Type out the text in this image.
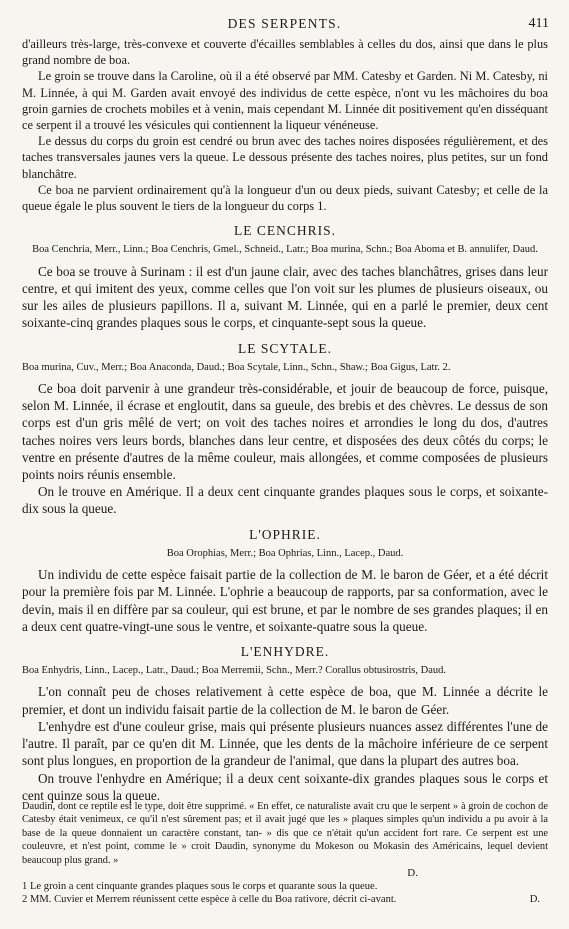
DES SERPENTS.	411

d'ailleurs très-large, très-convexe et couverte d'écailles semblables à celles du dos, ainsi que dans le plus grand nombre de boa.

Le groin se trouve dans la Caroline, où il a été observé par MM. Catesby et Garden. Ni M. Catesby, ni M. Linnée, à qui M. Garden avait envoyé des individus de cette espèce, n'ont vu les mâchoires du boa groin garnies de crochets mobiles et à venin, mais cependant M. Linnée dit positivement qu'en disséquant ce serpent il a trouvé les vésicules qui contiennent la liqueur vénéneuse.

Le dessus du corps du groin est cendré ou brun avec des taches noires disposées régulièrement, et des taches transversales jaunes vers la queue. Le dessous présente des taches noires, plus petites, sur un fond blanchâtre.

Ce boa ne parvient ordinairement qu'à la longueur d'un ou deux pieds, suivant Catesby; et celle de la queue égale le plus souvent le tiers de la longueur du corps 1.

LE CENCHRIS.

Boa Cenchria, Merr., Linn.; Boa Cenchris, Gmel., Schneid., Latr.; Boa murina, Schn.; Boa Aboma et B. annulifer, Daud.

Ce boa se trouve à Surinam : il est d'un jaune clair, avec des taches blanchâtres, grises dans leur centre, et qui imitent des yeux, comme celles que l'on voit sur les plumes de plusieurs oiseaux, ou sur les ailes de plusieurs papillons. Il a, suivant M. Linnée, qui en a parlé le premier, deux cent soixante-cinq grandes plaques sous le corps, et cinquante-sept sous la queue.

LE SCYTALE.

Boa murina, Cuv., Merr.; Boa Anaconda, Daud.; Boa Scytale, Linn., Schn., Shaw.; Boa Gigus, Latr. 2.

Ce boa doit parvenir à une grandeur très-considérable, et jouir de beaucoup de force, puisque, selon M. Linnée, il écrase et engloutit, dans sa gueule, des brebis et des chèvres. Le dessus de son corps est d'un gris mêlé de vert; on voit des taches noires et arrondies le long du dos, d'autres taches noires vers leurs bords, blanches dans leur centre, et disposées des deux côtés du corps; le ventre en présente d'autres de la même couleur, mais allongées, et comme composées de plusieurs points noirs réunis ensemble.

On le trouve en Amérique. Il a deux cent cinquante grandes plaques sous le corps, et soixante-dix sous la queue.

L'OPHRIE.

Boa Orophias, Merr.; Boa Ophrias, Linn., Lacep., Daud.

Un individu de cette espèce faisait partie de la collection de M. le baron de Géer, et a été décrit pour la première fois par M. Linnée. L'ophrie a beaucoup de rapports, par sa conformation, avec le devin, mais il en diffère par sa couleur, qui est brune, et par le nombre de ses grandes plaques; il en a deux cent quatre-vingt-une sous le ventre, et soixante-quatre sous la queue.

L'ENHYDRE.

Boa Enhydris, Linn., Lacep., Latr., Daud.; Boa Merremii, Schn., Merr.? Corallus obtusirostris, Daud.

L'on connaît peu de choses relativement à cette espèce de boa, que M. Linnée a décrite le premier, et dont un individu faisait partie de la collection de M. le baron de Géer.

L'enhydre est d'une couleur grise, mais qui présente plusieurs nuances assez différentes l'une de l'autre. Il paraît, par ce qu'en dit M. Linnée, que les dents de la mâchoire inférieure de ce serpent sont plus longues, en proportion de la grandeur de l'animal, que dans la plupart des autres boa.

On trouve l'enhydre en Amérique; il a deux cent soixante-dix grandes plaques sous le corps et cent quinze sous la queue.

Daudin, dont ce reptile est le type, doit être supprimé. « En effet, ce naturaliste avait cru que le serpent » à groin de cochon de Catesby était venimeux, ce qu'il n'est sûrement pas; et il avait jugé que les » plaques simples qu'un individu a pu avoir à la base de la queue donnaient un caractère constant, tan- » dis que ce n'était qu'un accident fort rare. Ce serpent est une couleuvre, et n'est point, comme le » croit Daudin, synonyme du Mokeson ou Mokasin des Américains, lequel devient beaucoup plus grand. »

D.

1 Le groin a cent cinquante grandes plaques sous le corps et quarante sous la queue.

2 MM. Cuvier et Merrem réunissent cette espèce à celle du Boa rativore, décrit ci-avant.	D.
